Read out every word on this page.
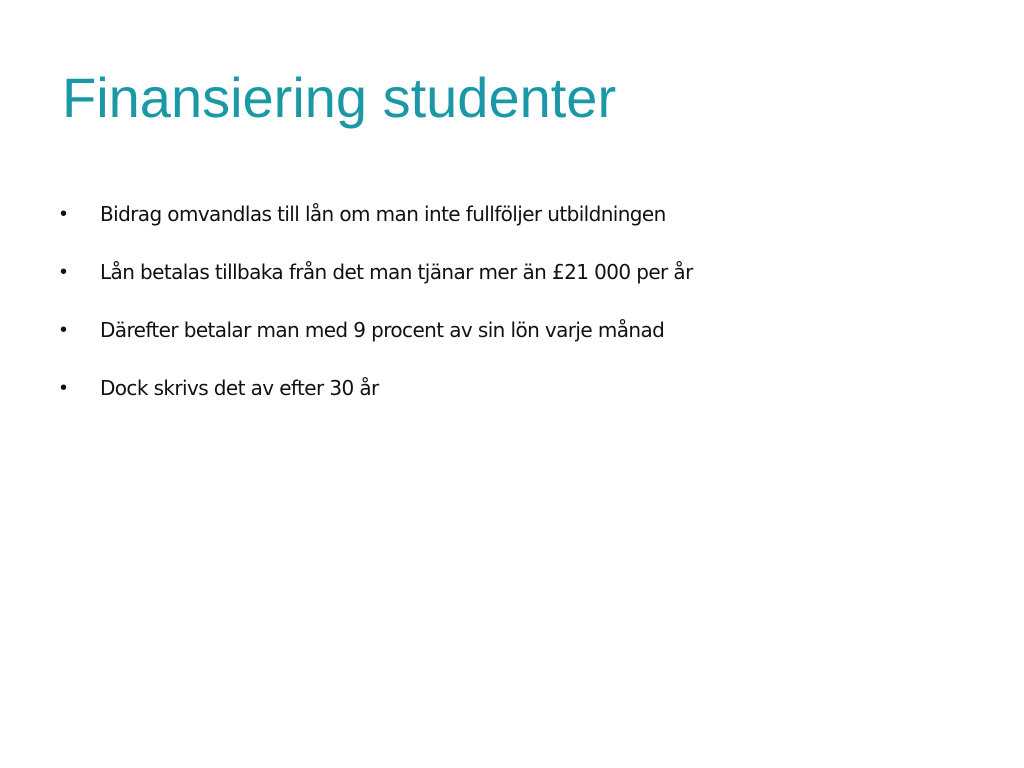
Finansiering studenter
•	Bidrag omvandlas till lån om man inte fullföljer utbildningen
•	Lån betalas tillbaka från det man tjänar mer än £21 000 per år
•	Därefter betalar man med 9 procent av sin lön varje månad
•	Dock skrivs det av efter 30 år
